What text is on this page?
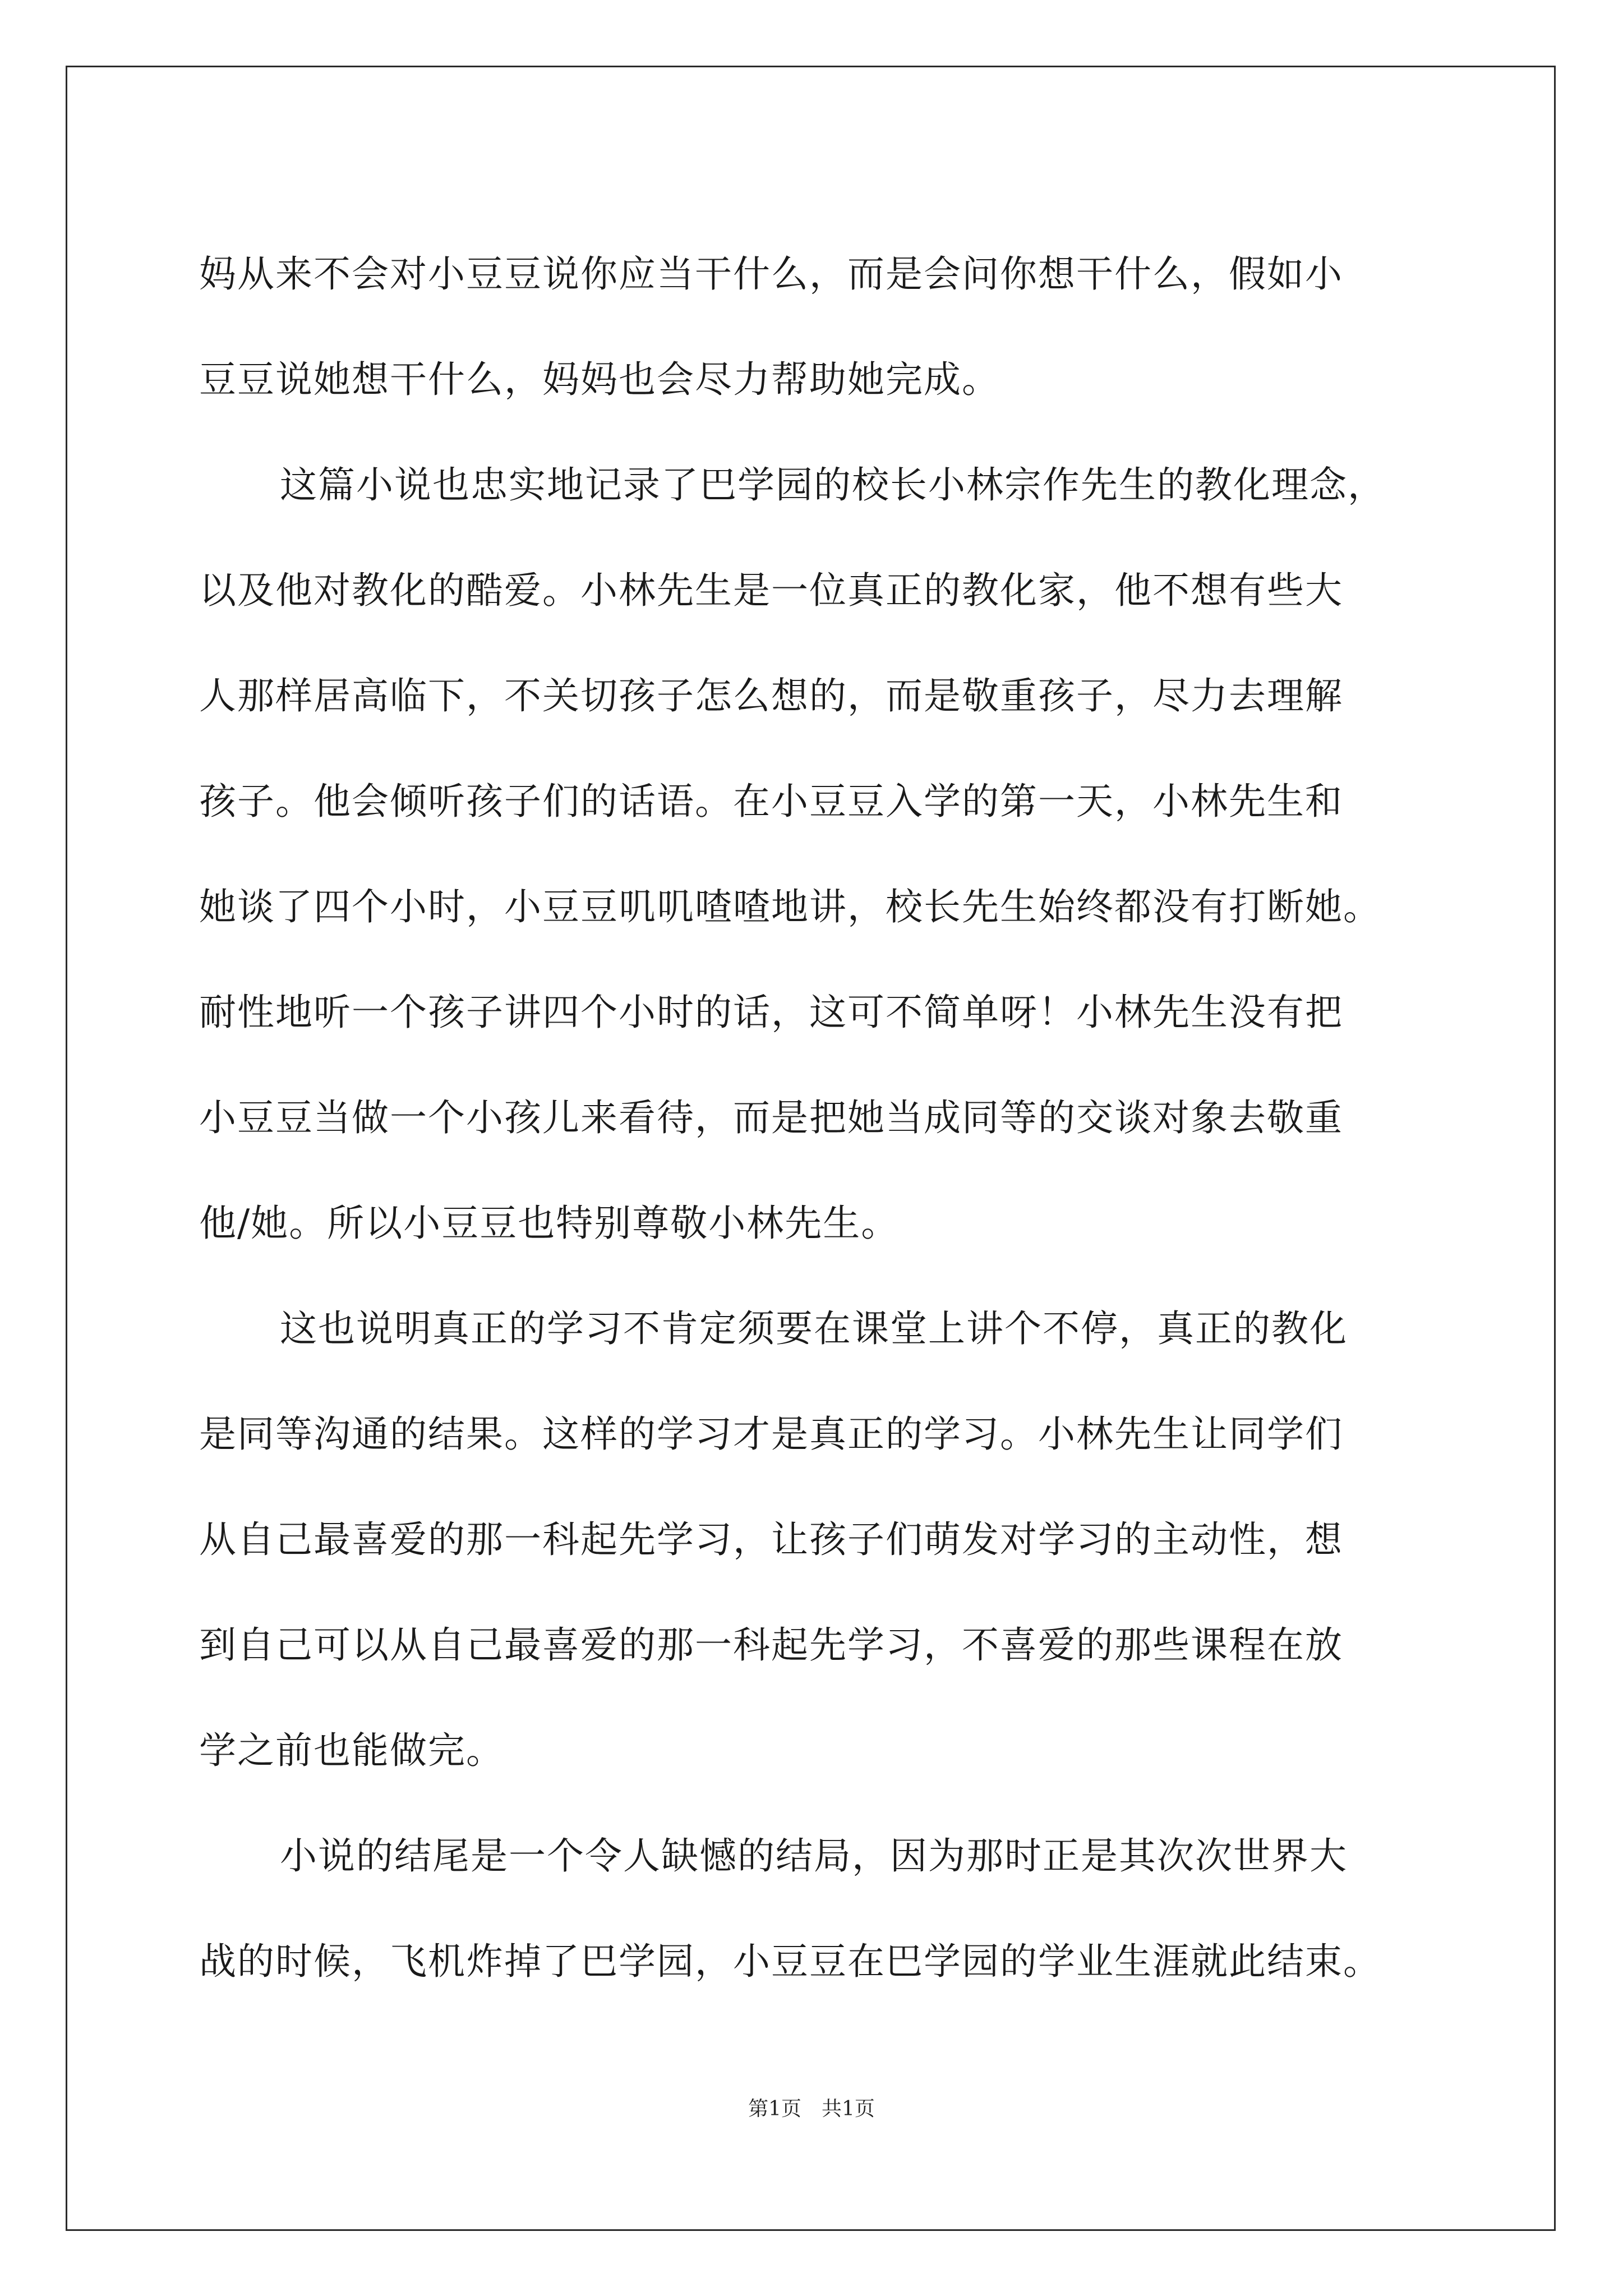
妈从来不会对小豆豆说你应当干什么，而是会问你想干什么，假如小
豆豆说她想干什么，妈妈也会尽力帮助她完成。
这篇小说也忠实地记录了巴学园的校长小林宗作先生的教化理念，
以及他对教化的酷爱。小林先生是一位真正的教化家，他不想有些大
人那样居高临下，不关切孩子怎么想的，而是敬重孩子，尽力去理解
孩子。他会倾听孩子们的话语。在小豆豆入学的第一天，小林先生和
她谈了四个小时，小豆豆叽叽喳喳地讲，校长先生始终都没有打断她。
耐性地听一个孩子讲四个小时的话，这可不简单呀！小林先生没有把
小豆豆当做一个小孩儿来看待，而是把她当成同等的交谈对象去敬重
他/她。所以小豆豆也特别尊敬小林先生。
这也说明真正的学习不肯定须要在课堂上讲个不停，真正的教化
是同等沟通的结果。这样的学习才是真正的学习。小林先生让同学们
从自己最喜爱的那一科起先学习，让孩子们萌发对学习的主动性，想
到自己可以从自己最喜爱的那一科起先学习，不喜爱的那些课程在放
学之前也能做完。
小说的结尾是一个令人缺憾的结局，因为那时正是其次次世界大
战的时候，飞机炸掉了巴学园，小豆豆在巴学园的学业生涯就此结束。
第1页　共1页
